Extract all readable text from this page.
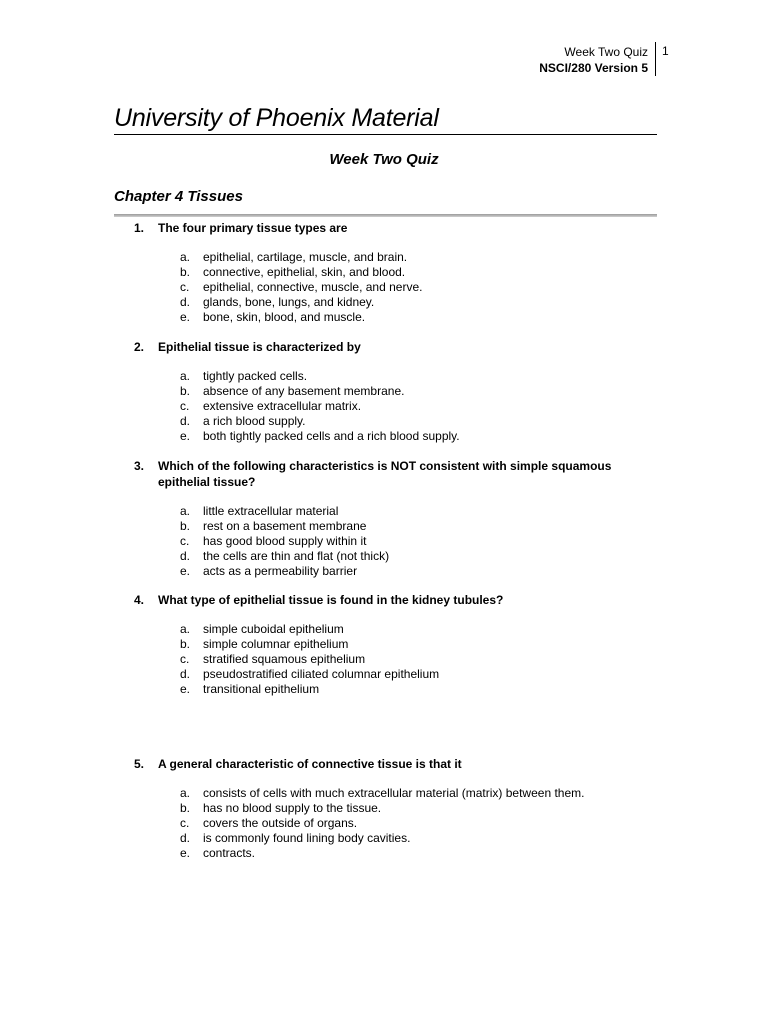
Week Two Quiz
NSCI/280 Version 5
1
University of Phoenix Material
Week Two Quiz
Chapter 4 Tissues
1. The four primary tissue types are
a. epithelial, cartilage, muscle, and brain.
b. connective, epithelial, skin, and blood.
c. epithelial, connective, muscle, and nerve.
d. glands, bone, lungs, and kidney.
e. bone, skin, blood, and muscle.
2. Epithelial tissue is characterized by
a. tightly packed cells.
b. absence of any basement membrane.
c. extensive extracellular matrix.
d. a rich blood supply.
e. both tightly packed cells and a rich blood supply.
3. Which of the following characteristics is NOT consistent with simple squamous
epithelial tissue?
a. little extracellular material
b. rest on a basement membrane
c. has good blood supply within it
d. the cells are thin and flat (not thick)
e. acts as a permeability barrier
4. What type of epithelial tissue is found in the kidney tubules?
a. simple cuboidal epithelium
b. simple columnar epithelium
c. stratified squamous epithelium
d. pseudostratified ciliated columnar epithelium
e. transitional epithelium
5. A general characteristic of connective tissue is that it
a. consists of cells with much extracellular material (matrix) between them.
b. has no blood supply to the tissue.
c. covers the outside of organs.
d. is commonly found lining body cavities.
e. contracts.
